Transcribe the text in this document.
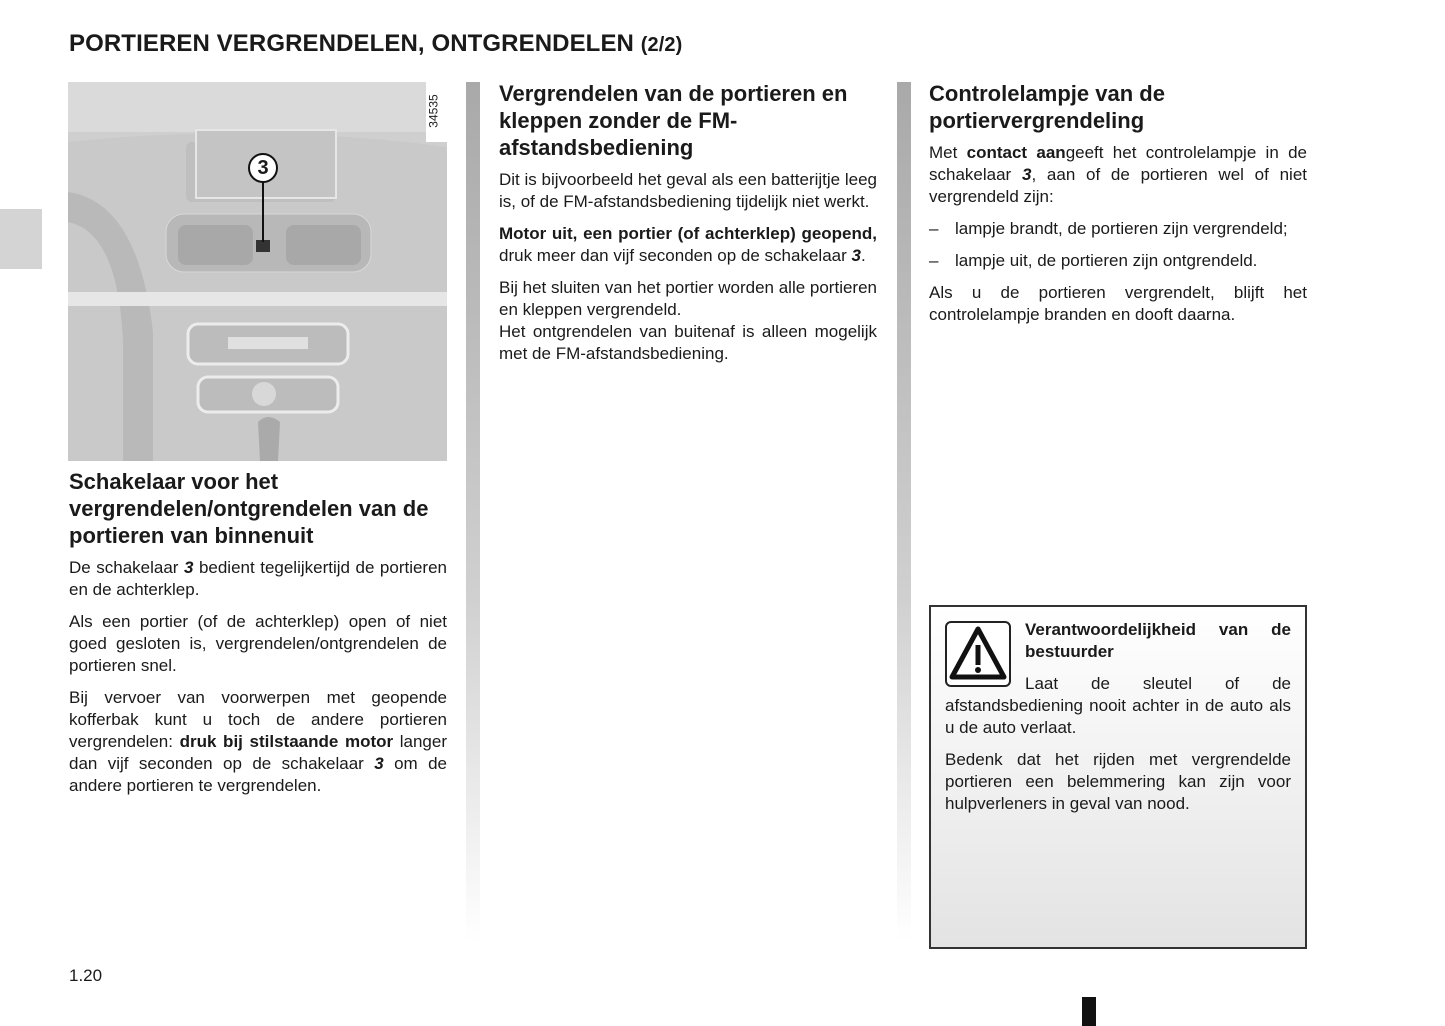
PORTIEREN VERGRENDELEN, ONTGRENDELEN (2/2)
3
34535
Schakelaar voor het vergrendelen/ontgrendelen van de portieren van binnenuit

De schakelaar 3 bedient tegelijkertijd de portieren en de achterklep.

Als een portier (of de achterklep) open of niet goed gesloten is, vergrendelen/ontgrendelen de portieren snel.

Bij vervoer van voorwerpen met geopende kofferbak kunt u toch de andere portieren vergrendelen: druk bij stilstaande motor langer dan vijf seconden op de schakelaar 3 om de andere portieren te vergrendelen.

Vergrendelen van de portieren en kleppen zonder de FM-afstandsbediening

Dit is bijvoorbeeld het geval als een batterijtje leeg is, of de FM-afstandsbediening tijdelijk niet werkt.

Motor uit, een portier (of achterklep) geopend, druk meer dan vijf seconden op de schakelaar 3.

Bij het sluiten van het portier worden alle portieren en kleppen vergrendeld.

Het ontgrendelen van buitenaf is alleen mogelijk met de FM-afstandsbediening.

Controlelampje van de portiervergrendeling

Met contact aangeeft het controlelampje in de schakelaar 3, aan of de portieren wel of niet vergrendeld zijn:

– lampje brandt, de portieren zijn vergrendeld;
– lampje uit, de portieren zijn ontgrendeld.

Als u de portieren vergrendelt, blijft het controlelampje branden en dooft daarna.

Verantwoordelijkheid van de bestuurder

Laat de sleutel of de afstandsbediening nooit achter in de auto als u de auto verlaat.

Bedenk dat het rijden met vergrendelde portieren een belemmering kan zijn voor hulpverleners in geval van nood.

1.20
